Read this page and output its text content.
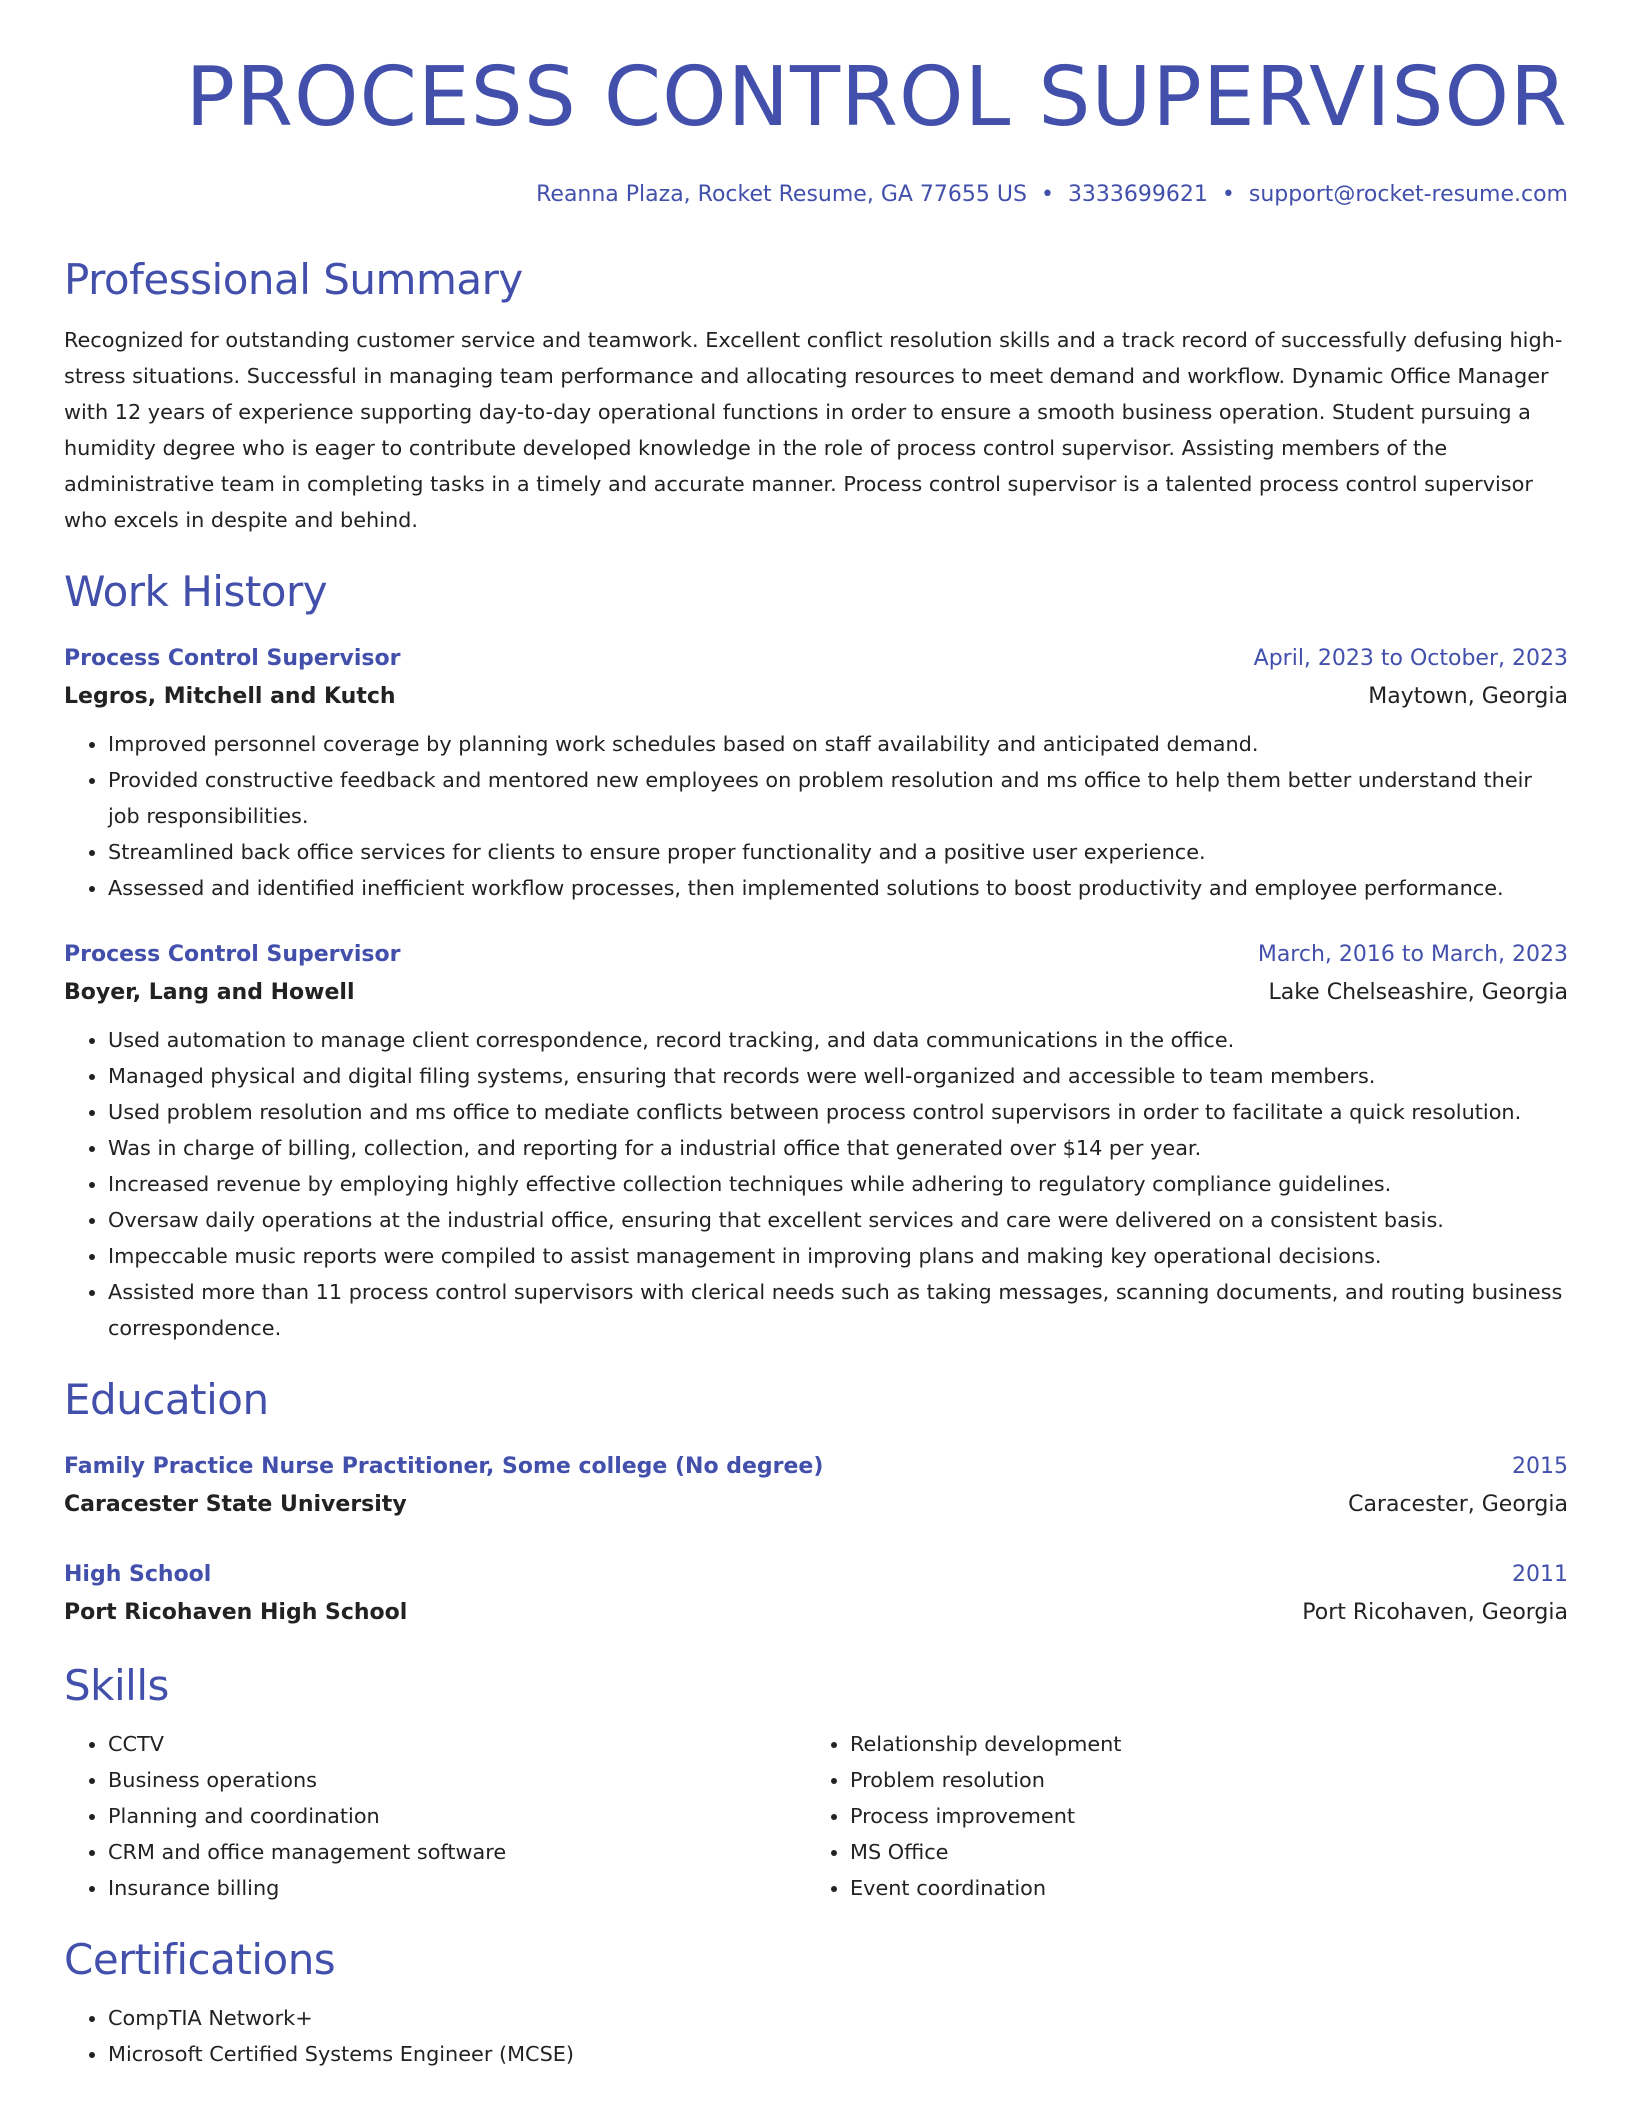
PROCESS CONTROL SUPERVISOR
Reanna Plaza, Rocket Resume, GA 77655 US • 3333699621 • support@rocket-resume.com
Professional Summary
Recognized for outstanding customer service and teamwork. Excellent conflict resolution skills and a track record of successfully defusing high-stress situations. Successful in managing team performance and allocating resources to meet demand and workflow. Dynamic Office Manager with 12 years of experience supporting day-to-day operational functions in order to ensure a smooth business operation. Student pursuing a humidity degree who is eager to contribute developed knowledge in the role of process control supervisor. Assisting members of the administrative team in completing tasks in a timely and accurate manner. Process control supervisor is a talented process control supervisor who excels in despite and behind.
Work History
Process Control Supervisor	April, 2023 to October, 2023
Legros, Mitchell and Kutch	Maytown, Georgia
• Improved personnel coverage by planning work schedules based on staff availability and anticipated demand.
• Provided constructive feedback and mentored new employees on problem resolution and ms office to help them better understand their job responsibilities.
• Streamlined back office services for clients to ensure proper functionality and a positive user experience.
• Assessed and identified inefficient workflow processes, then implemented solutions to boost productivity and employee performance.
Process Control Supervisor	March, 2016 to March, 2023
Boyer, Lang and Howell	Lake Chelseashire, Georgia
• Used automation to manage client correspondence, record tracking, and data communications in the office.
• Managed physical and digital filing systems, ensuring that records were well-organized and accessible to team members.
• Used problem resolution and ms office to mediate conflicts between process control supervisors in order to facilitate a quick resolution.
• Was in charge of billing, collection, and reporting for a industrial office that generated over $14 per year.
• Increased revenue by employing highly effective collection techniques while adhering to regulatory compliance guidelines.
• Oversaw daily operations at the industrial office, ensuring that excellent services and care were delivered on a consistent basis.
• Impeccable music reports were compiled to assist management in improving plans and making key operational decisions.
• Assisted more than 11 process control supervisors with clerical needs such as taking messages, scanning documents, and routing business correspondence.
Education
Family Practice Nurse Practitioner, Some college (No degree)	2015
Caracester State University	Caracester, Georgia
High School	2011
Port Ricohaven High School	Port Ricohaven, Georgia
Skills
• CCTV
• Business operations
• Planning and coordination
• CRM and office management software
• Insurance billing
• Relationship development
• Problem resolution
• Process improvement
• MS Office
• Event coordination
Certifications
• CompTIA Network+
• Microsoft Certified Systems Engineer (MCSE)
